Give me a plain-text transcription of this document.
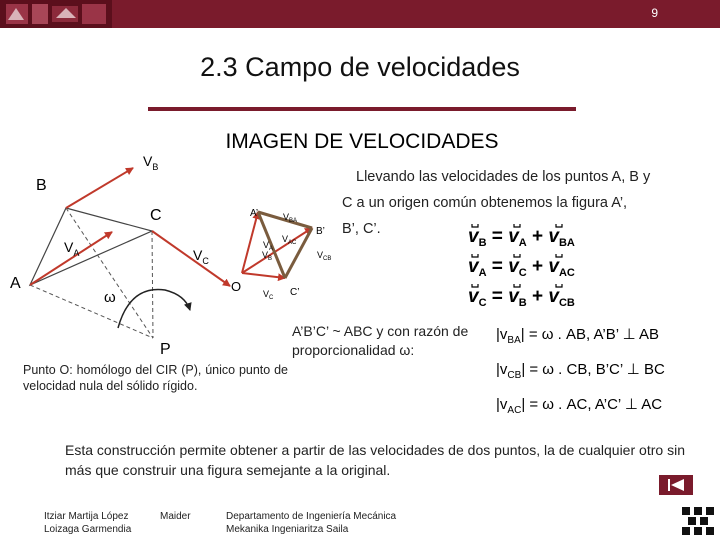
9
2.3 Campo de velocidades
IMAGEN DE VELOCIDADES
B
A
C
P
ω
$V_B$
$V_A$	$V_C$
A’
B’
C’
O
$V_A$
$V_B$
$V_C$
$V_{BA}$
$V_{AC}$
$V_{CB}$
Llevando las velocidades de los puntos A, B y
C a un origen común obtenemos la figura A’,
B’, C’.	$v_B = v_A + v_{BA}$
$v_A = v_C + v_{AC}$
$v_C = v_B + v_{CB}$
A’B’C’ ~ ABC y con razón de proporcionalidad ω:
$|v_{BA}| = \omega$ . AB, A’B’ ⊥ AB
$|v_{CB}| = \omega$ . CB, B’C’ ⊥ BC
$|v_{AC}| = \omega$ . AC, A’C’ ⊥ AC
Punto O: homólogo del CIR (P), único punto de velocidad nula del sólido rígido.
Esta construcción permite obtener a partir de las velocidades de dos puntos, la de cualquier otro sin más que construir una figura semejante a la original.
Itziar Martija López
Loizaga Garmendia
Maider	Departamento de Ingeniería Mecánica
Mekanika Ingeniaritza Saila
